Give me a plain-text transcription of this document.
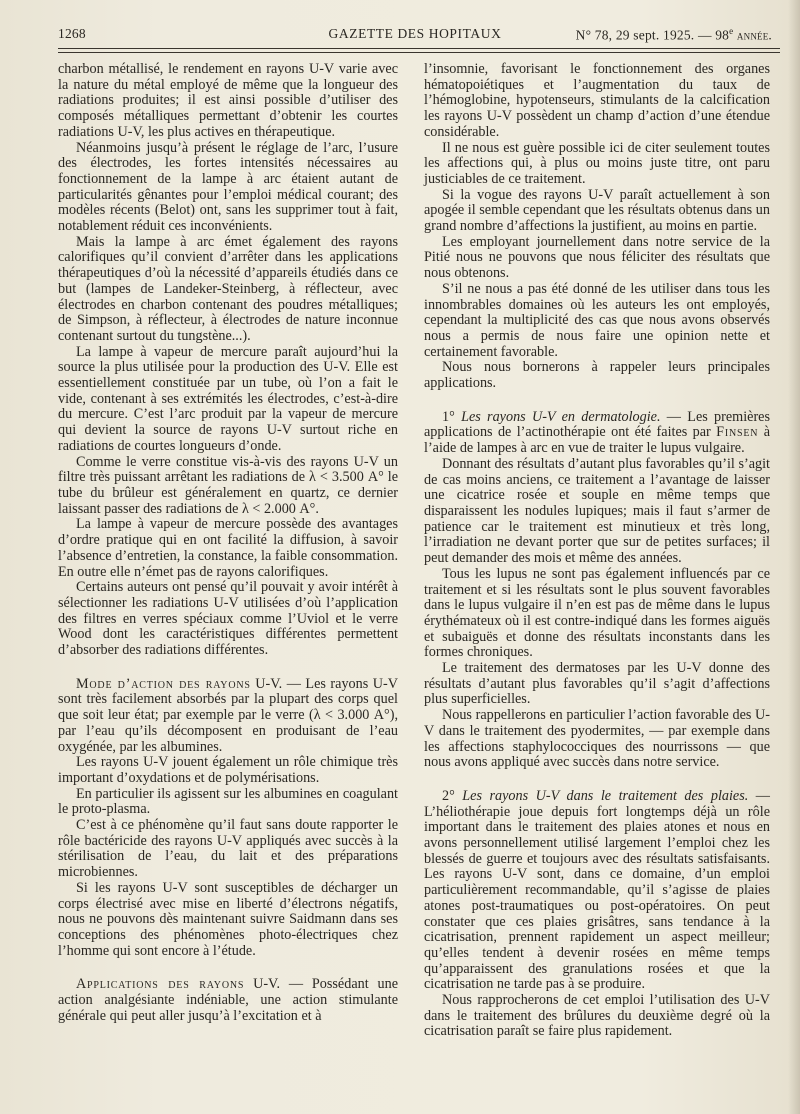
1268	GAZETTE DES HOPITAUX	N° 78, 29 sept. 1925. — 98e année.

charbon métallisé, le rendement en rayons U-V varie avec la nature du métal employé de même que la longueur des radiations produites; il est ainsi possible d’utiliser des composés métalliques permettant d’obtenir les courtes radiations U-V, les plus actives en thérapeutique.

Néanmoins jusqu’à présent le réglage de l’arc, l’usure des électrodes, les fortes intensités nécessaires au fonctionnement de la lampe à arc étaient autant de particularités gênantes pour l’emploi médical courant; des modèles récents (Belot) ont, sans les supprimer tout à fait, notablement réduit ces inconvénients.

Mais la lampe à arc émet également des rayons calorifiques qu’il convient d’arrêter dans les applications thérapeutiques d’où la nécessité d’appareils étudiés dans ce but (lampes de Landeker-Steinberg, à réflecteur, avec électrodes en charbon contenant des poudres métalliques; de Simpson, à réflecteur, à électrodes de nature inconnue contenant surtout du tungstène...).

La lampe à vapeur de mercure paraît aujourd’hui la source la plus utilisée pour la production des U-V. Elle est essentiellement constituée par un tube, où l’on a fait le vide, contenant à ses extrémités les électrodes, c’est-à-dire du mercure. C’est l’arc produit par la vapeur de mercure qui devient la source de rayons U-V surtout riche en radiations de courtes longueurs d’onde.

Comme le verre constitue vis-à-vis des rayons U-V un filtre très puissant arrêtant les radiations de λ < 3.500 A° le tube du brûleur est généralement en quartz, ce dernier laissant passer des radiations de λ < 2.000 A°.

La lampe à vapeur de mercure possède des avantages d’ordre pratique qui en ont facilité la diffusion, à savoir l’absence d’entretien, la constance, la faible consommation. En outre elle n’émet pas de rayons calorifiques.

Certains auteurs ont pensé qu’il pouvait y avoir intérêt à sélectionner les radiations U-V utilisées d’où l’application des filtres en verres spéciaux comme l’Uviol et le verre Wood dont les caractéristiques différentes permettent d’absorber des radiations différentes.

Mode d’action des rayons U-V. — Les rayons U-V sont très facilement absorbés par la plupart des corps quel que soit leur état; par exemple par le verre (λ < 3.000 A°), par l’eau qu’ils décomposent en produisant de l’eau oxygénée, par les albumines.

Les rayons U-V jouent également un rôle chimique très important d’oxydations et de polymérisations.

En particulier ils agissent sur les albumines en coagulant le proto-plasma.

C’est à ce phénomène qu’il faut sans doute rapporter le rôle bactéricide des rayons U-V appliqués avec succès à la stérilisation de l’eau, du lait et des préparations microbiennes.

Si les rayons U-V sont susceptibles de décharger un corps électrisé avec mise en liberté d’électrons négatifs, nous ne pouvons dès maintenant suivre Saidmann dans ses conceptions des phénomènes photo-électriques chez l’homme qui sont encore à l’étude.

Applications des rayons U-V. — Possédant une action analgésiante indéniable, une action stimulante générale qui peut aller jusqu’à l’excitation et à

l’insomnie, favorisant le fonctionnement des organes hématopoiétiques et l’augmentation du taux de l’hémoglobine, hypotenseurs, stimulants de la calcification les rayons U-V possèdent un champ d’action d’une étendue considérable.

Il ne nous est guère possible ici de citer seulement toutes les affections qui, à plus ou moins juste titre, ont paru justiciables de ce traitement.

Si la vogue des rayons U-V paraît actuellement à son apogée il semble cependant que les résultats obtenus dans un grand nombre d’affections la justifient, au moins en partie.

Les employant journellement dans notre service de la Pitié nous ne pouvons que nous féliciter des résultats que nous obtenons.

S’il ne nous a pas été donné de les utiliser dans tous les innombrables domaines où les auteurs les ont employés, cependant la multiplicité des cas que nous avons observés nous a permis de nous faire une opinion nette et certainement favorable.

Nous nous bornerons à rappeler leurs principales applications.

1° Les rayons U-V en dermatologie. — Les premières applications de l’actinothérapie ont été faites par Finsen à l’aide de lampes à arc en vue de traiter le lupus vulgaire.

Donnant des résultats d’autant plus favorables qu’il s’agit de cas moins anciens, ce traitement a l’avantage de laisser une cicatrice rosée et souple en même temps que disparaissent les nodules lupiques; mais il faut s’armer de patience car le traitement est minutieux et très long, l’irradiation ne devant porter que sur de petites surfaces; il peut demander des mois et même des années.

Tous les lupus ne sont pas également influencés par ce traitement et si les résultats sont le plus souvent favorables dans le lupus vulgaire il n’en est pas de même dans le lupus érythémateux où il est contre-indiqué dans les formes aiguës et subaiguës et donne des résultats inconstants dans les formes chroniques.

Le traitement des dermatoses par les U-V donne des résultats d’autant plus favorables qu’il s’agit d’affections plus superficielles.

Nous rappellerons en particulier l’action favorable des U-V dans le traitement des pyodermites, — par exemple dans les affections staphylococciques des nourrissons — que nous avons appliqué avec succès dans notre service.

2° Les rayons U-V dans le traitement des plaies. — L’héliothérapie joue depuis fort longtemps déjà un rôle important dans le traitement des plaies atones et nous en avons personnellement utilisé largement l’emploi chez les blessés de guerre et toujours avec des résultats satisfaisants. Les rayons U-V sont, dans ce domaine, d’un emploi particulièrement recommandable, qu’il s’agisse de plaies atones post-traumatiques ou post-opératoires. On peut constater que ces plaies grisâtres, sans tendance à la cicatrisation, prennent rapidement un aspect meilleur; qu’elles tendent à devenir rosées en même temps qu’apparaissent des granulations rosées et que la cicatrisation ne tarde pas à se produire.

Nous rapprocherons de cet emploi l’utilisation des U-V dans le traitement des brûlures du deuxième degré où la cicatrisation paraît se faire plus rapidement.
